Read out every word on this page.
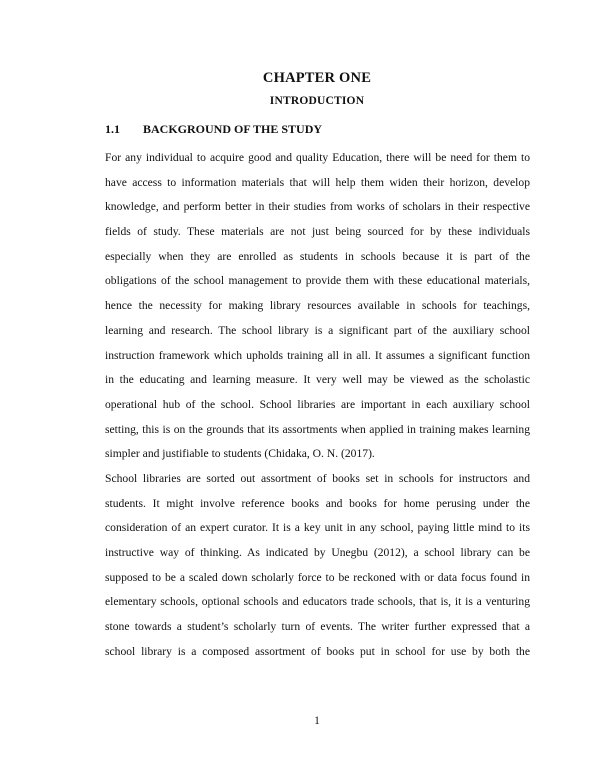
CHAPTER ONE
INTRODUCTION
1.1 BACKGROUND OF THE STUDY
For any individual to acquire good and quality Education, there will be need for them to
have access to information materials that will help them widen their horizon, develop
knowledge, and perform better in their studies from works of scholars in their respective
fields of study. These materials are not just being sourced for by these individuals
especially when they are enrolled as students in schools because it is part of the
obligations of the school management to provide them with these educational materials,
hence the necessity for making library resources available in schools for teachings,
learning and research. The school library is a significant part of the auxiliary school
instruction framework which upholds training all in all. It assumes a significant function
in the educating and learning measure. It very well may be viewed as the scholastic
operational hub of the school. School libraries are important in each auxiliary school
setting, this is on the grounds that its assortments when applied in training makes learning
simpler and justifiable to students (Chidaka, O. N. (2017).
School libraries are sorted out assortment of books set in schools for instructors and
students. It might involve reference books and books for home perusing under the
consideration of an expert curator. It is a key unit in any school, paying little mind to its
instructive way of thinking. As indicated by Unegbu (2012), a school library can be
supposed to be a scaled down scholarly force to be reckoned with or data focus found in
elementary schools, optional schools and educators trade schools, that is, it is a venturing
stone towards a student’s scholarly turn of events. The writer further expressed that a
school library is a composed assortment of books put in school for use by both the
1
